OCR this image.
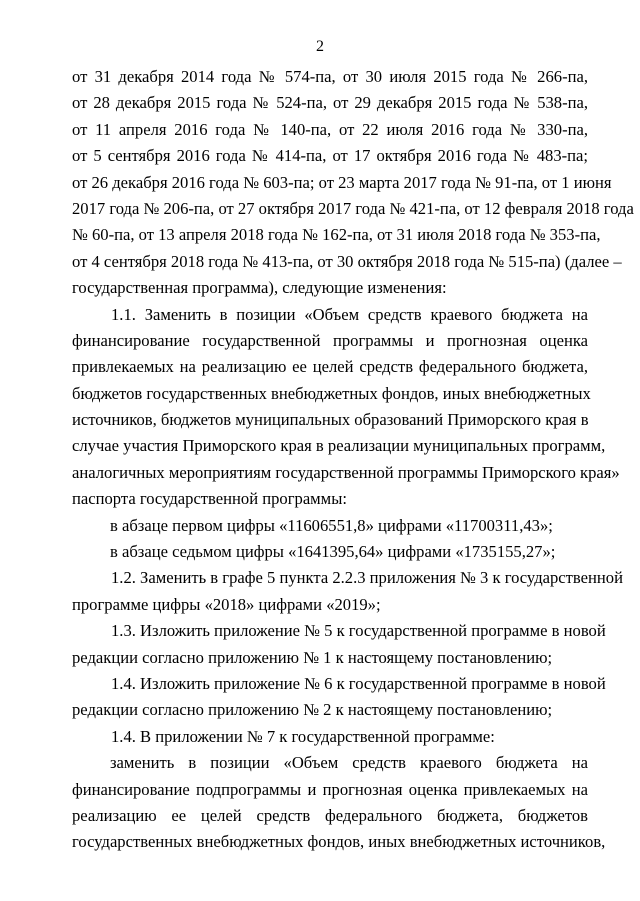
2
от 31 декабря 2014 года № 574-па, от 30 июля 2015 года № 266-па,
от 28 декабря 2015 года № 524-па, от 29 декабря 2015 года № 538-па,
от 11 апреля 2016 года № 140-па, от 22 июля 2016 года № 330-па,
от 5 сентября 2016 года № 414-па, от 17 октября 2016 года № 483-па;
от 26 декабря 2016 года № 603-па; от 23 марта 2017 года № 91-па, от 1 июня
2017 года № 206-па, от 27 октября 2017 года № 421-па, от 12 февраля 2018 года
№ 60-па, от 13 апреля 2018 года № 162-па, от 31 июля 2018 года № 353-па,
от 4 сентября 2018 года № 413-па, от 30 октября 2018 года № 515-па) (далее –
государственная программа), следующие изменения:
1.1. Заменить в позиции «Объем средств краевого бюджета на
финансирование государственной программы и прогнозная оценка
привлекаемых на реализацию ее целей средств федерального бюджета,
бюджетов государственных внебюджетных фондов, иных внебюджетных
источников, бюджетов муниципальных образований Приморского края в
случае участия Приморского края в реализации муниципальных программ,
аналогичных мероприятиям государственной программы Приморского края»
паспорта государственной программы:
в абзаце первом цифры «11606551,8» цифрами «11700311,43»;
в абзаце седьмом цифры «1641395,64» цифрами «1735155,27»;
1.2. Заменить в графе 5 пункта 2.2.3 приложения № 3 к государственной
программе цифры «2018» цифрами «2019»;
1.3. Изложить приложение № 5 к государственной программе в новой
редакции согласно приложению № 1 к настоящему постановлению;
1.4. Изложить приложение № 6 к государственной программе в новой
редакции согласно приложению № 2 к настоящему постановлению;
1.4. В приложении № 7 к государственной программе:
заменить в позиции «Объем средств краевого бюджета на
финансирование подпрограммы и прогнозная оценка привлекаемых на
реализацию ее целей средств федерального бюджета, бюджетов
государственных внебюджетных фондов, иных внебюджетных источников,
